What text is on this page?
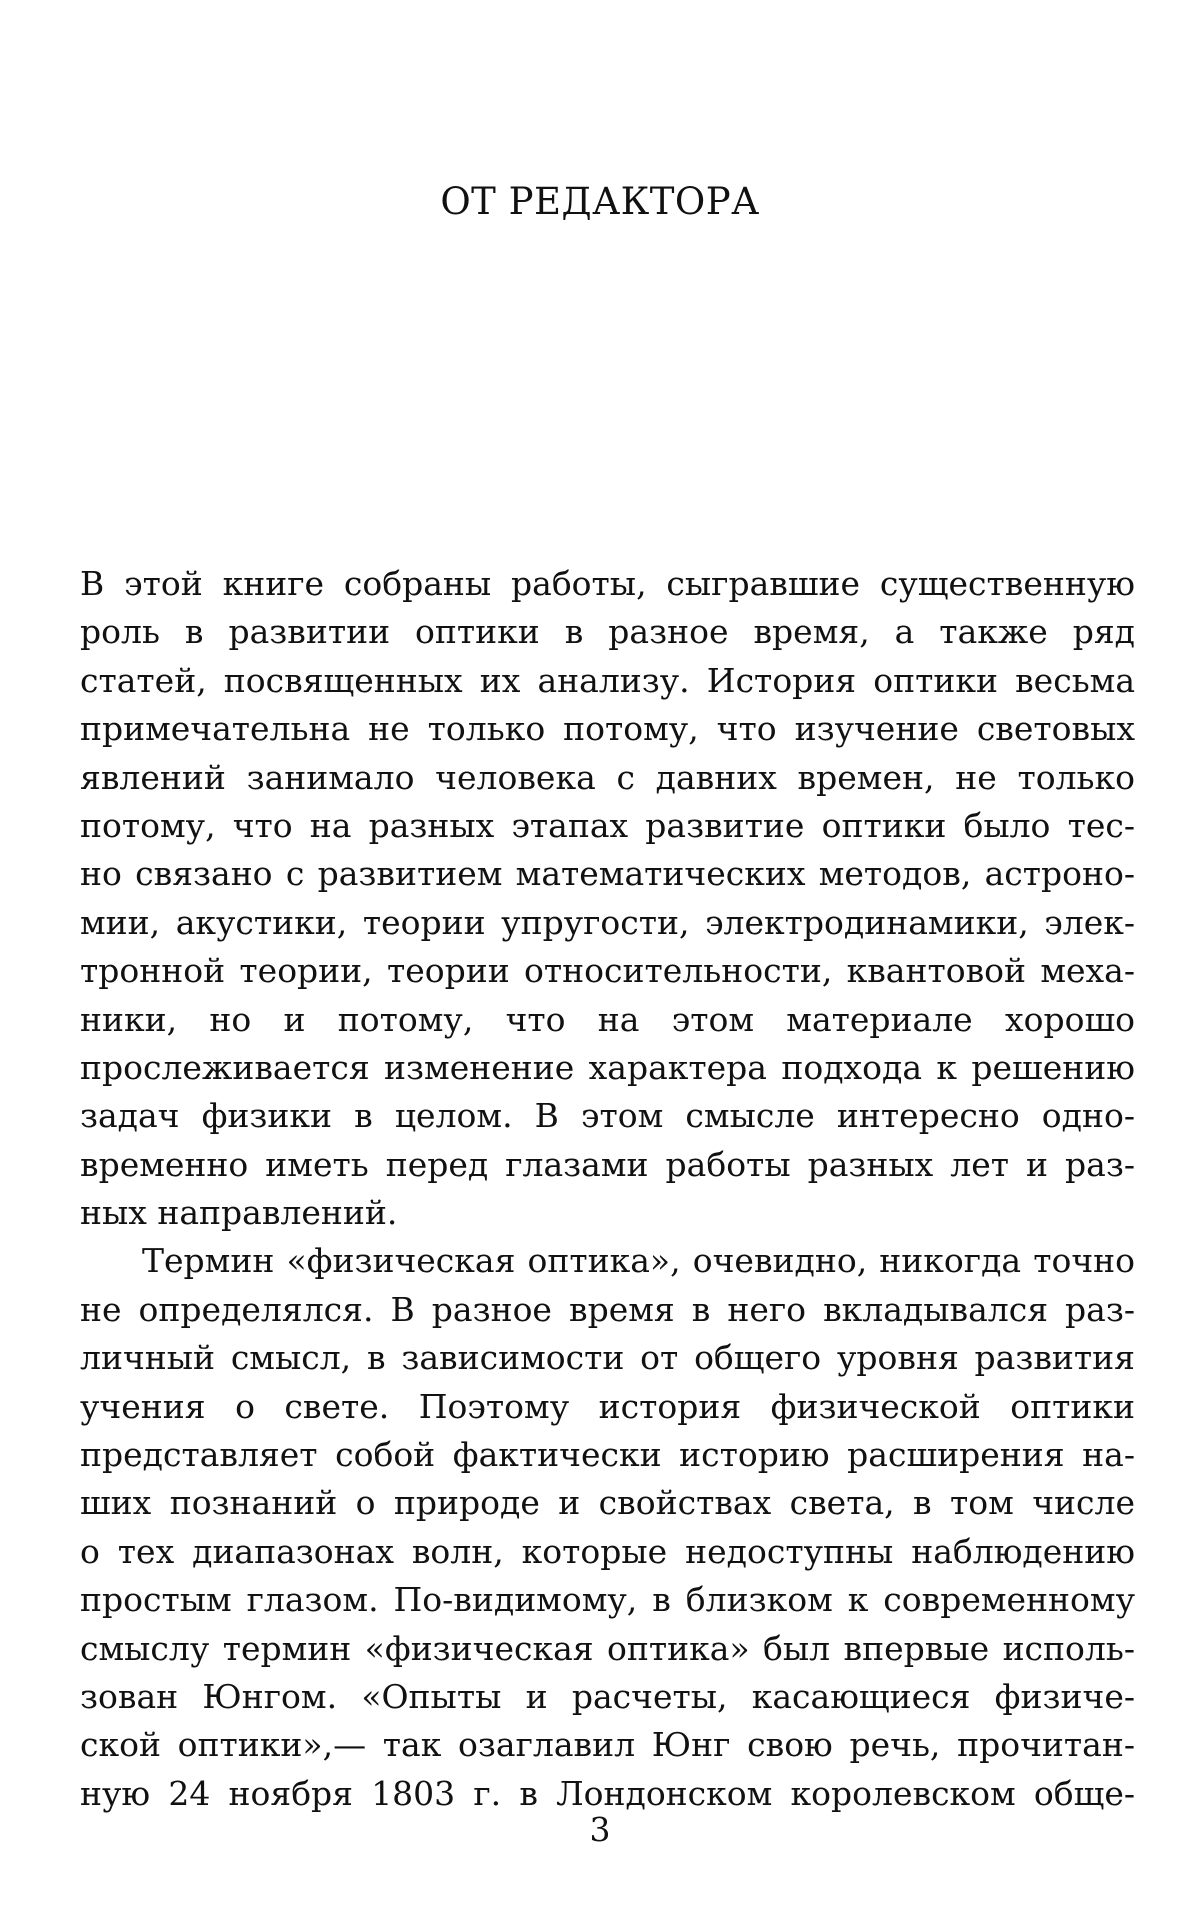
ОТ РЕДАКТОРА
В этой книге собраны работы, сыгравшие существенную
роль в развитии оптики в разное время, а также ряд
статей, посвященных их анализу. История оптики весьма
примечательна не только потому, что изучение световых
явлений занимало человека с давних времен, не только
потому, что на разных этапах развитие оптики было тес-
но связано с развитием математических методов, астроно-
мии, акустики, теории упругости, электродинамики, элек-
тронной теории, теории относительности, квантовой меха-
ники, но и потому, что на этом материале хорошо
прослеживается изменение характера подхода к решению
задач физики в целом. В этом смысле интересно одно-
временно иметь перед глазами работы разных лет и раз-
ных направлений.
Термин «физическая оптика», очевидно, никогда точно
не определялся. В разное время в него вкладывался раз-
личный смысл, в зависимости от общего уровня развития
учения о свете. Поэтому история физической оптики
представляет собой фактически историю расширения на-
ших познаний о природе и свойствах света, в том числе
о тех диапазонах волн, которые недоступны наблюдению
простым глазом. По-видимому, в близком к современному
смыслу термин «физическая оптика» был впервые исполь-
зован Юнгом. «Опыты и расчеты, касающиеся физиче-
ской оптики»,— так озаглавил Юнг свою речь, прочитан-
ную 24 ноября 1803 г. в Лондонском королевском обще-
3
